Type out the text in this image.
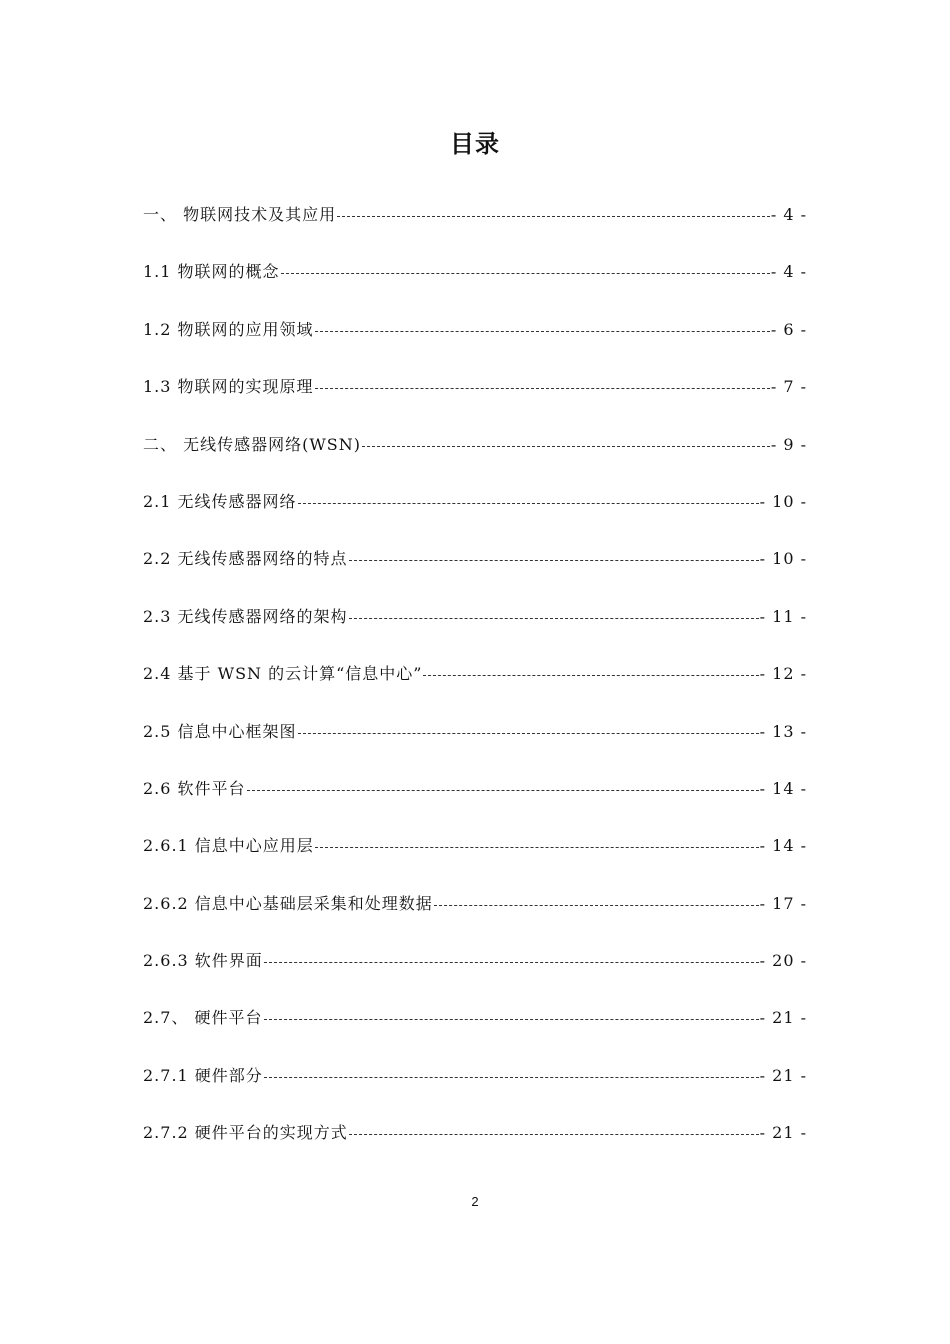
目录
一、 物联网技术及其应用	- 4 -
1.1 物联网的概念	- 4 -
1.2 物联网的应用领域	- 6 -
1.3 物联网的实现原理	- 7 -
二、 无线传感器网络(WSN)	- 9 -
2.1 无线传感器网络	- 10 -
2.2 无线传感器网络的特点	- 10 -
2.3 无线传感器网络的架构	- 11 -
2.4 基于 WSN 的云计算“信息中心”	- 12 -
2.5 信息中心框架图	- 13 -
2.6 软件平台	- 14 -
2.6.1 信息中心应用层	- 14 -
2.6.2 信息中心基础层采集和处理数据	- 17 -
2.6.3 软件界面	- 20 -
2.7、 硬件平台	- 21 -
2.7.1 硬件部分	- 21 -
2.7.2 硬件平台的实现方式	- 21 -
2
